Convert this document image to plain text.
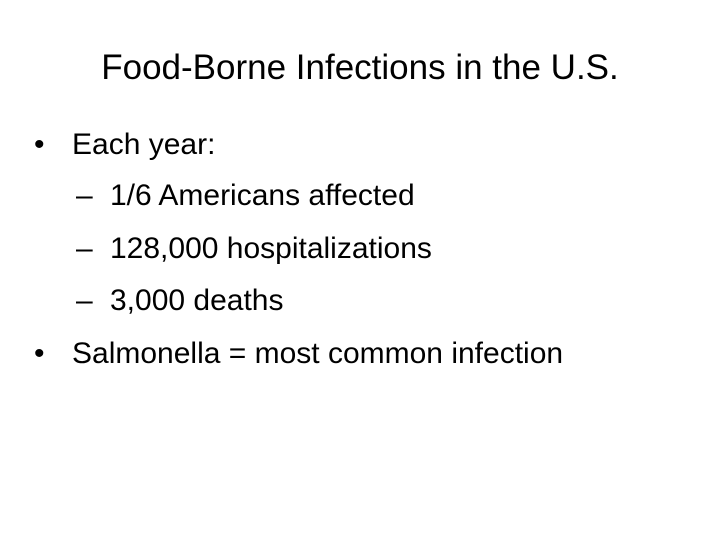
Food-Borne Infections in the U.S.
• Each year:
– 1/6 Americans affected
– 128,000 hospitalizations
– 3,000 deaths
• Salmonella = most common infection
